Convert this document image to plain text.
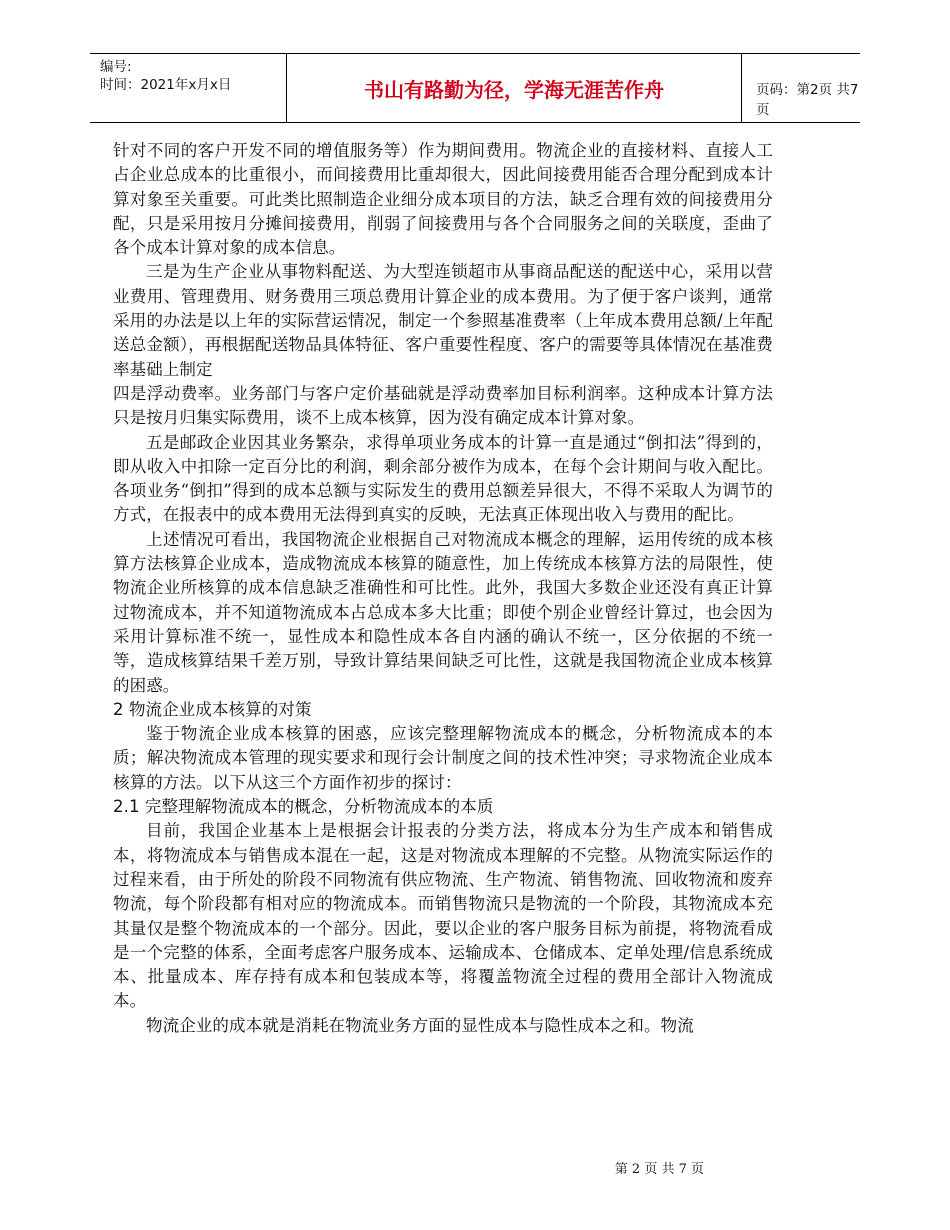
编号:
时间：2021年x月x日	书山有路勤为径，学海无涯苦作舟	页码：第2页 共7页

针对不同的客户开发不同的增值服务等）作为期间费用。物流企业的直接材料、直接人工占企业总成本的比重很小，而间接费用比重却很大，因此间接费用能否合理分配到成本计算对象至关重要。可此类比照制造企业细分成本项目的方法，缺乏合理有效的间接费用分配，只是采用按月分摊间接费用，削弱了间接费用与各个合同服务之间的关联度，歪曲了各个成本计算对象的成本信息。

三是为生产企业从事物料配送、为大型连锁超市从事商品配送的配送中心，采用以营业费用、管理费用、财务费用三项总费用计算企业的成本费用。为了便于客户谈判，通常采用的办法是以上年的实际营运情况，制定一个参照基准费率（上年成本费用总额/上年配送总金额），再根据配送物品具体特征、客户重要性程度、客户的需要等具体情况在基准费率基础上制定

四是浮动费率。业务部门与客户定价基础就是浮动费率加目标利润率。这种成本计算方法只是按月归集实际费用，谈不上成本核算，因为没有确定成本计算对象。

五是邮政企业因其业务繁杂，求得单项业务成本的计算一直是通过“倒扣法”得到的，即从收入中扣除一定百分比的利润，剩余部分被作为成本，在每个会计期间与收入配比。各项业务“倒扣”得到的成本总额与实际发生的费用总额差异很大，不得不采取人为调节的方式，在报表中的成本费用无法得到真实的反映，无法真正体现出收入与费用的配比。

上述情况可看出，我国物流企业根据自己对物流成本概念的理解，运用传统的成本核算方法核算企业成本，造成物流成本核算的随意性，加上传统成本核算方法的局限性，使物流企业所核算的成本信息缺乏准确性和可比性。此外，我国大多数企业还没有真正计算过物流成本，并不知道物流成本占总成本多大比重；即使个别企业曾经计算过，也会因为采用计算标准不统一，显性成本和隐性成本各自内涵的确认不统一，区分依据的不统一等，造成核算结果千差万别，导致计算结果间缺乏可比性，这就是我国物流企业成本核算的困惑。

2 物流企业成本核算的对策

鉴于物流企业成本核算的困惑，应该完整理解物流成本的概念，分析物流成本的本质；解决物流成本管理的现实要求和现行会计制度之间的技术性冲突；寻求物流企业成本核算的方法。以下从这三个方面作初步的探讨：

2.1 完整理解物流成本的概念，分析物流成本的本质

目前，我国企业基本上是根据会计报表的分类方法，将成本分为生产成本和销售成本，将物流成本与销售成本混在一起，这是对物流成本理解的不完整。从物流实际运作的过程来看，由于所处的阶段不同物流有供应物流、生产物流、销售物流、回收物流和废弃物流，每个阶段都有相对应的物流成本。而销售物流只是物流的一个阶段，其物流成本充其量仅是整个物流成本的一个部分。因此，要以企业的客户服务目标为前提，将物流看成是一个完整的体系，全面考虑客户服务成本、运输成本、仓储成本、定单处理/信息系统成本、批量成本、库存持有成本和包装成本等，将覆盖物流全过程的费用全部计入物流成本。

物流企业的成本就是消耗在物流业务方面的显性成本与隐性成本之和。物流

第 2 页 共 7 页
